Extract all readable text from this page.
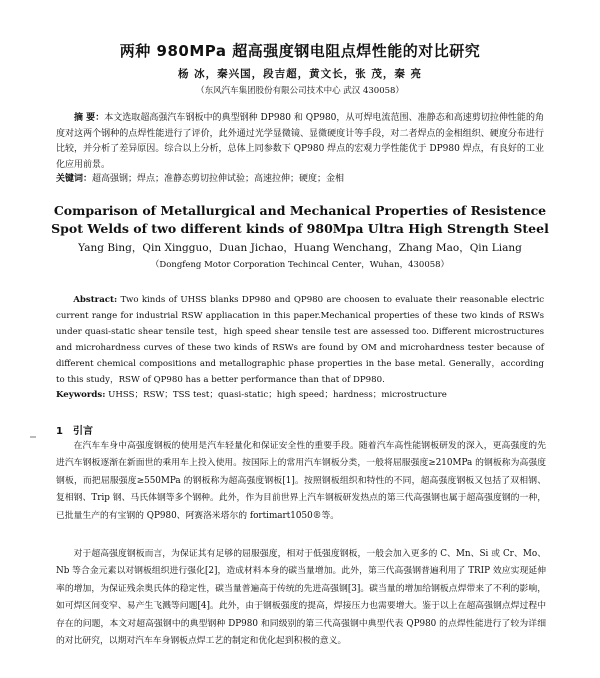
两种 980MPa 超高强度钢电阻点焊性能的对比研究
杨 冰，秦兴国，段吉超，黄文长，张 茂，秦 亮
（东风汽车集团股份有限公司技术中心 武汉 430058）
摘 要：本文选取超高强汽车钢板中的典型钢种 DP980 和 QP980，从可焊电流范围、准静态和高速剪切拉伸性能的角度对这两个钢种的点焊性能进行了评价，此外通过光学显微镜、显微硬度计等手段，对二者焊点的金相组织、硬度分布进行比较，并分析了差异原因。综合以上分析，总体上同参数下 QP980 焊点的宏观力学性能优于 DP980 焊点，有良好的工业化应用前景。
关键词：超高强钢；焊点；准静态剪切拉伸试验；高速拉伸；硬度；金相
Comparison of Metallurgical and Mechanical Properties of Resistence Spot Welds of two different kinds of 980Mpa Ultra High Strength Steel
Yang Bing，Qin Xingguo，Duan Jichao，Huang Wenchang，Zhang Mao，Qin Liang
（Dongfeng Motor Corporation Techincal Center，Wuhan，430058）
Abstract: Two kinds of UHSS blanks DP980 and QP980 are choosen to evaluate their reasonable electric current range for industrial RSW appliacation in this paper.Mechanical properties of these two kinds of RSWs under quasi-static shear tensile test，high speed shear tensile test are assessed too. Different microstructures and microhardness curves of these two kinds of RSWs are found by OM and microhardness tester because of different chemical compositions and metallographic phase properties in the base metal. Generally，according to this study，RSW of QP980 has a better performance than that of DP980.
Keywords: UHSS；RSW；TSS test；quasi-static；high speed；hardness；microstructure
1 引言
在汽车车身中高强度钢板的使用是汽车轻量化和保证安全性的重要手段。随着汽车高性能钢板研发的深入，更高强度的先进汽车钢板逐渐在新面世的乘用车上投入使用。按国际上的常用汽车钢板分类，一般将屈服强度≥210MPa 的钢板称为高强度钢板，而把屈服强度≥550MPa 的钢板称为超高强度钢板[1]。按照钢板组织和特性的不同，超高强度钢板又包括了双相钢、复相钢、Trip 钢、马氏体钢等多个钢种。此外，作为目前世界上汽车钢板研发热点的第三代高强钢也属于超高强度钢的一种，已批量生产的有宝钢的 QP980、阿赛洛米塔尔的 fortimart1050®等。
对于超高强度钢板而言，为保证其有足够的屈服强度，相对于低强度钢板，一般会加入更多的 C、Mn、Si 或 Cr、Mo、Nb 等合金元素以对钢板组织进行强化[2]，造成材料本身的碳当量增加。此外，第三代高强钢普遍利用了 TRIP 效应实现延伸率的增加，为保证残余奥氏体的稳定性，碳当量普遍高于传统的先进高强钢[3]。碳当量的增加给钢板点焊带来了不利的影响，如可焊区间变窄、易产生飞溅等问题[4]。此外，由于钢板强度的提高，焊接压力也需要增大。鉴于以上在超高强钢点焊过程中存在的问题，本文对超高强钢中的典型钢种 DP980 和同级别的第三代高强钢中典型代表 QP980 的点焊性能进行了较为详细的对比研究，以期对汽车车身钢板点焊工艺的制定和优化起到积极的意义。
